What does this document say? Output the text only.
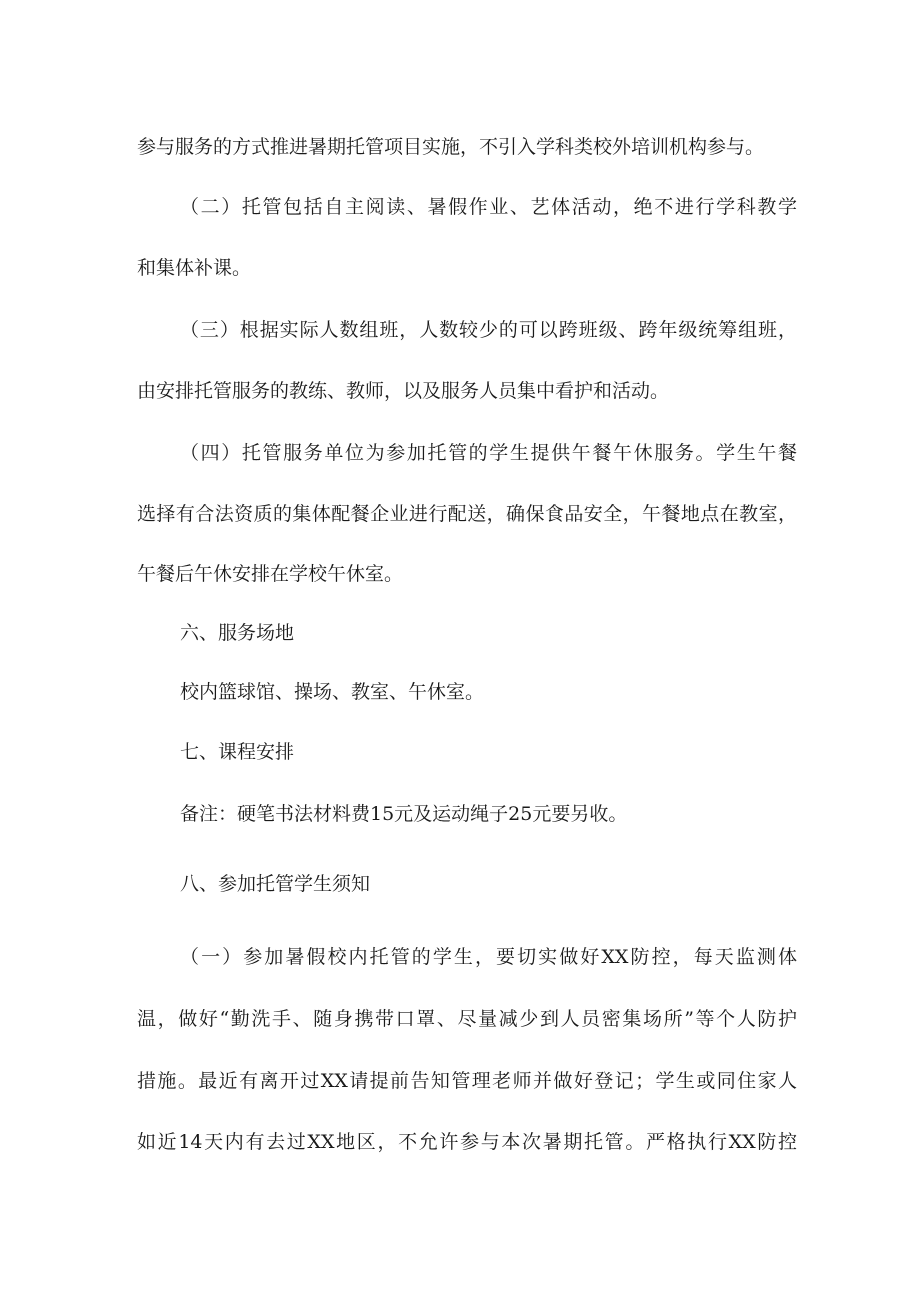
参与服务的方式推进暑期托管项目实施，不引入学科类校外培训机构参与。
（二）托管包括自主阅读、暑假作业、艺体活动，绝不进行学科教学
和集体补课。
（三）根据实际人数组班，人数较少的可以跨班级、跨年级统筹组班，
由安排托管服务的教练、教师，以及服务人员集中看护和活动。
（四）托管服务单位为参加托管的学生提供午餐午休服务。学生午餐
选择有合法资质的集体配餐企业进行配送，确保食品安全，午餐地点在教室，
午餐后午休安排在学校午休室。
六、服务场地
校内篮球馆、操场、教室、午休室。
七、课程安排
备注：硬笔书法材料费15元及运动绳子25元要另收。
八、参加托管学生须知
（一）参加暑假校内托管的学生，要切实做好XX防控，每天监测体
温，做好“勤洗手、随身携带口罩、尽量减少到人员密集场所”等个人防护
措施。最近有离开过XX请提前告知管理老师并做好登记；学生或同住家人
如近14天内有去过XX地区，不允许参与本次暑期托管。严格执行XX防控
